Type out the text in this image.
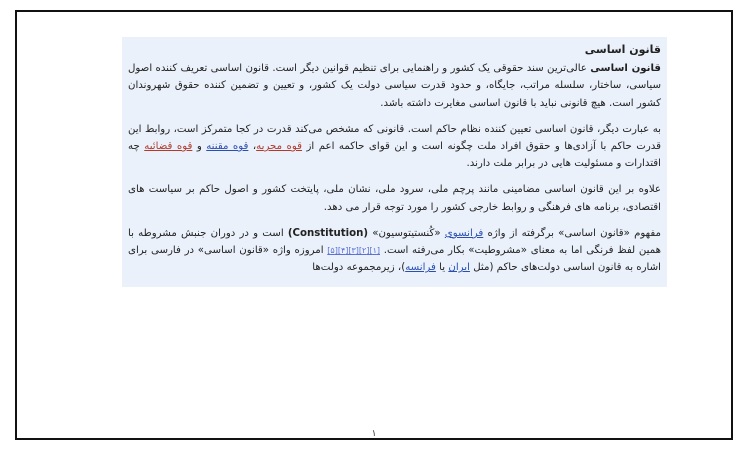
قانون اساسی

قانون اساسی عالی‌ترین سند حقوقی یک کشور و راهنمایی برای تنظیم قوانین دیگر است. قانون اساسی تعریف کننده اصول سیاسی، ساختار، سلسله مراتب، جایگاه، و حدود قدرت سیاسی دولت یک کشور، و تعیین و تضمین کننده حقوق شهروندان کشور است. هیچ قانونی نباید با قانون اساسی مغایرت داشته باشد.

به عبارت دیگر، قانون اساسی تعیین کننده نظام حاکم است. قانونی که مشخص می‌کند قدرت در کجا متمرکز است، روابط این قدرت حاکم با آزادی‌ها و حقوق افراد ملت چگونه است و این قوای حاکمه اعم از قوه مجریه، قوه مقننه و قوه قضائیه چه اقتدارات و مسئولیت هایی در برابر ملت دارند.

علاوه بر این قانون اساسی مضامینی مانند پرچم ملی، سرود ملی، نشان ملی، پایتخت کشور و اصول حاکم بر سیاست های اقتصادی، برنامه های فرهنگی و روابط خارجی کشور را مورد توجه قرار می دهد.

مفهوم «قانون اساسی» برگرفته از واژه فرانسوی «کُنستیتوسیون» (Constitution) است و در دوران جنبش مشروطه با همین لفظ فرنگی اما به معنای «مشروطیت» بکار می‌رفته است. [۱][۲][۳][۴][۵] امروزه واژه «قانون اساسی» در فارسی برای اشاره به قانون اساسی دولت‌های حاکم (مثل ایران یا فرانسه)، زیرمجموعه دولت‌ها

۱
